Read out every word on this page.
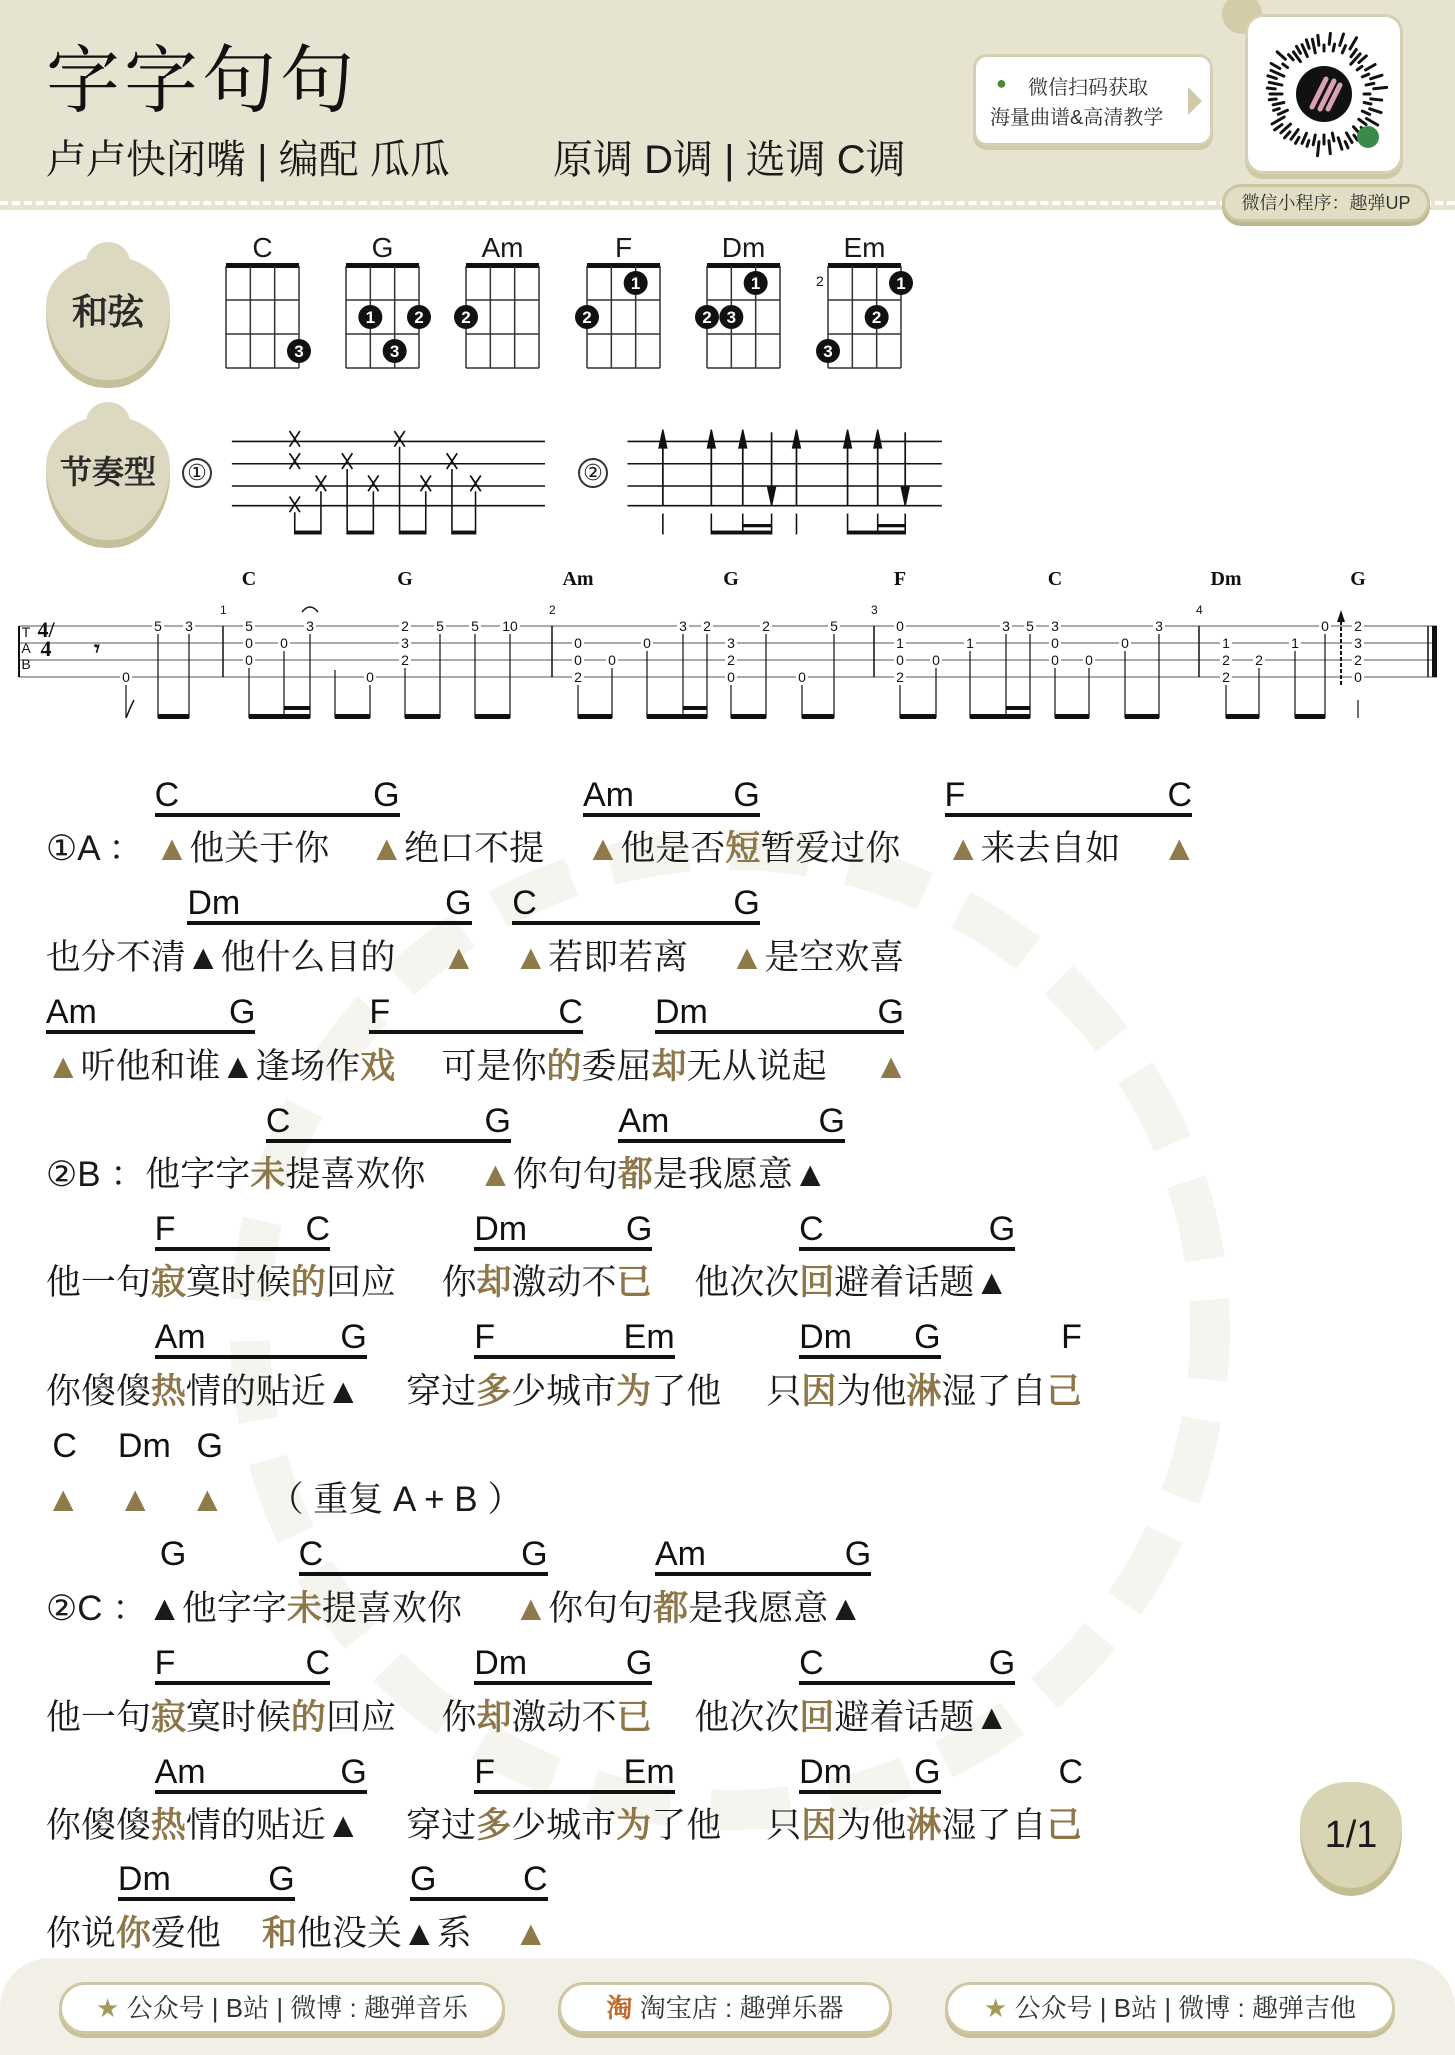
字字句句
卢卢快闭嘴 | 编配 瓜瓜	原调 D调 | 选调 C调
●	微信扫码获取
海量曲谱&高清教学
微信小程序：趣弹UP
和弦
C
3
G
1 2
3
Am
2
F
1
2
Dm
1
2 3
Em
2	1
2
3
节奏型	①	②
𝄾
1	2	3	4
C	G	Am	G	F	C	Dm	G
0
5 3	5
0
0
0
3
0
2
3
2
5 5 10
0
0
2
0
0
3 2
3
2
0
2
0
5	0
1
0
2
0
1
3 5 3
0
0 0
0
3
1
2
2
2
1
0 2
3
2
0
TAB
4/4
C	G	Am	G	F	C
①A ： ▲他关于你 ▲绝口不提 ▲他是否短暂爱过你 ▲来去自如 ▲
Dm	G C	G
也分不清▲他什么目的 ▲ ▲若即若离 ▲是空欢喜
Am	G	F	C Dm	G
▲听他和谁▲逢场作戏 可是你的委屈却无从说起 ▲
C	G	Am	G
②B ：他字字未提喜欢你 ▲你句句都是我愿意▲
F	C	Dm	G	C	G
他一句寂寞时候的回应 你却激动不已 他次次回避着话题▲
Am	G	F	Em	Dm G	F
你傻傻热情的贴近▲ 穿过多少城市为了他 只因为他淋湿了自己
C Dm G
▲ ▲ ▲ （ 重复 A + B ）
G	C	G	Am	G
②C ：▲他字字未提喜欢你 ▲你句句都是我愿意▲
F	C	Dm	G	C	G
他一句寂寞时候的回应 你却激动不已 他次次回避着话题▲
Am	G	F	Em	Dm G	C
你傻傻热情的贴近▲ 穿过多少城市为了他 只因为他淋湿了自己
Dm	G	G	C
你说你爱他 和他没关▲系 ▲
1/1
★ 公众号 | B站 | 微博 : 趣弹音乐	淘 淘宝店 : 趣弹乐器	★ 公众号 | B站 | 微博 : 趣弹吉他
